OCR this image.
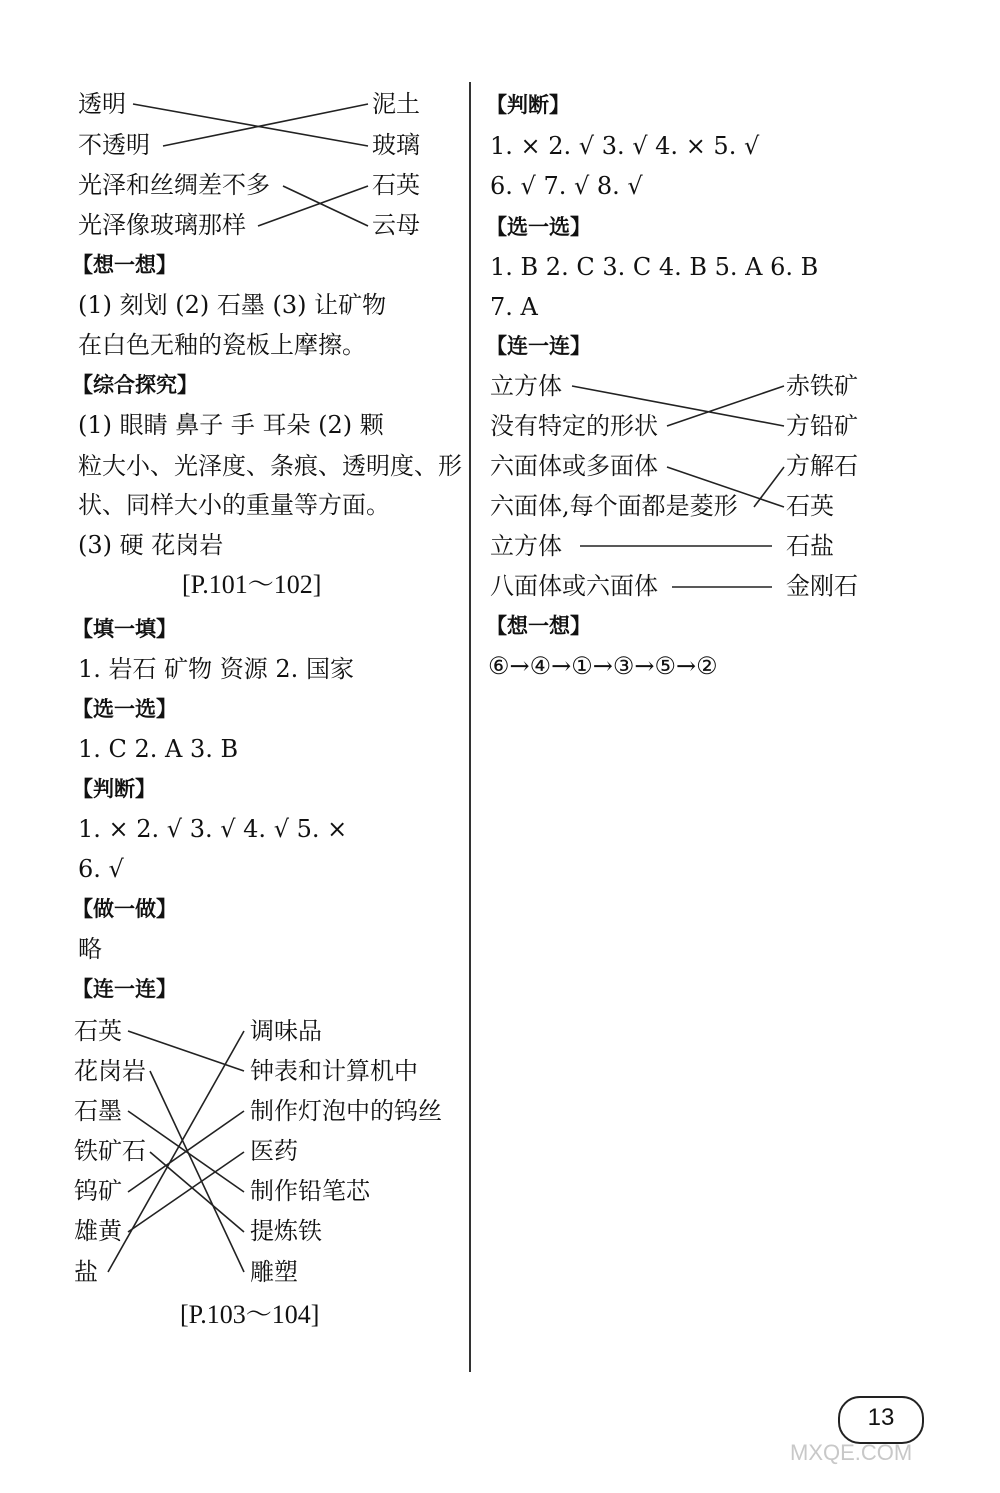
透明
不透明
光泽和丝绸差不多
光泽像玻璃那样
泥土
玻璃
石英
云母
【想一想】
(1) 刻划 (2) 石墨 (3) 让矿物
在白色无釉的瓷板上摩擦。
【综合探究】
(1) 眼睛 鼻子 手 耳朵 (2) 颗
粒大小、光泽度、条痕、透明度、形
状、同样大小的重量等方面。
(3) 硬 花岗岩
[P.101～102]
【填一填】
1. 岩石 矿物 资源 2. 国家
【选一选】
1. C 2. A 3. B
【判断】
1. × 2. √ 3. √ 4. √ 5. ×
6. √
【做一做】
略
【连一连】
石英
花岗岩
石墨
铁矿石
钨矿
雄黄
盐
调味品
钟表和计算机中
制作灯泡中的钨丝
医药
制作铅笔芯
提炼铁
雕塑
[P.103～104]
【判断】
1. × 2. √ 3. √ 4. × 5. √
6. √ 7. √ 8. √
【选一选】
1. B 2. C 3. C 4. B 5. A 6. B
7. A
【连一连】
立方体
没有特定的形状
六面体或多面体
六面体,每个面都是菱形
立方体
八面体或六面体
赤铁矿
方铅矿
方解石
石英
石盐
金刚石
【想一想】
⑥→④→①→③→⑤→②
13
MXQE.COM
